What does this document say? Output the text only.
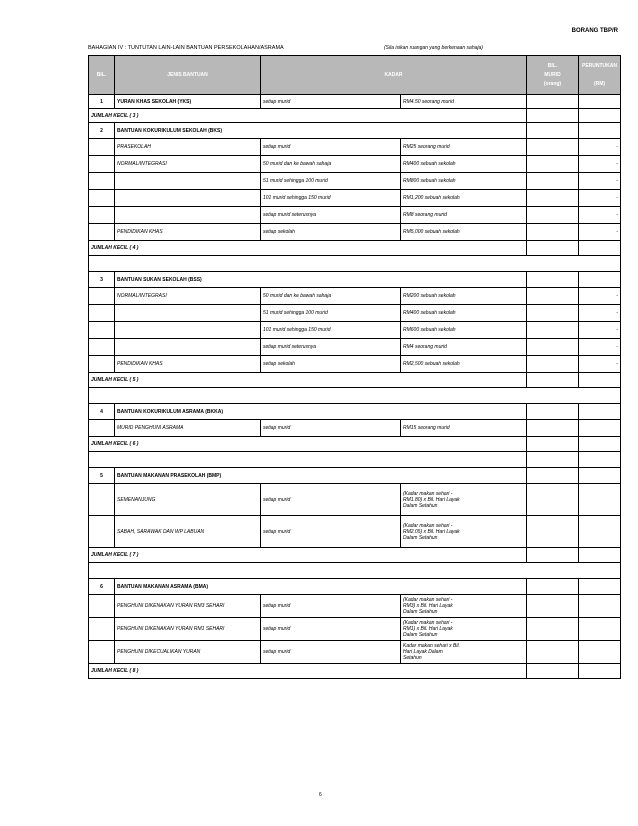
BORANG TBP/R
BAHAGIAN IV : TUNTUTAN LAIN-LAIN BANTUAN PERSEKOLAHAN/ASRAMA	(Sila isikan ruangan yang berkenaan sahaja)
BIL.	JENIS BANTUAN	KADAR		BIL.
MURID
(orang)	PERUNTUKAN

(RM)
1	YURAN KHAS SEKOLAH (YKS)	setiap murid	RM4.50 seorang murid		
JUMLAH KECIL ( 3 )					
2	BANTUAN KOKURIKULUM SEKOLAH (BKS)				
	PRASEKOLAH	setiap murid	RM25 seorang murid		-
	NORMAL/INTEGRASI	50 murid dan ke bawah sahaja	RM400 sebuah sekolah		-
		51 murid sehingga 100 murid	RM800 sebuah sekolah		-
		101 murid sehingga 150 murid	RM1,200 sebuah sekolah		-
		setiap murid seterusnya	RM8 seorang murid		-
	PENDIDIKAN KHAS	setiap sekolah	RM5,000 sebuah sekolah		-
JUMLAH KECIL ( 4 )					

3	BANTUAN SUKAN SEKOLAH (BSS)				
	NORMAL/INTEGRASI	50 murid dan ke bawah sahaja	RM200 sebuah sekolah		-
		51 murid sehingga 100 murid	RM400 sebuah sekolah		-
		101 murid sehingga 150 murid	RM600 sebuah sekolah		-
		setiap murid seterusnya	RM4 seorang murid		-
	PENDIDIKAN KHAS	setiap sekolah	RM2,500 sebuah sekolah		-
JUMLAH KECIL ( 5 )					

4	BANTUAN KOKURIKULUM ASRAMA (BKKA)				
	MURID PENGHUNI ASRAMA	setiap murid	RM15 seorang murid		
JUMLAH KECIL ( 6 )					

5	BANTUAN MAKANAN PRASEKOLAH (BMP)				
	SEMENANJUNG	setiap murid	(Kadar makan sehari -
RM1.80) x Bil. Hari Layak
Dalam Setahun		
	SABAH, SARAWAK DAN WP LABUAN	setiap murid	(Kadar makan sehari -
RM2.05) x Bil. Hari Layak
Dalam Setahun		
JUMLAH KECIL ( 7 )					

6	BANTUAN MAKANAN ASRAMA (BMA)				
	PENGHUNI DIKENAKAN YURAN RM3 SEHARI	setiap murid	(Kadar makan sehari -
RM3) x Bil. Hari Layak
Dalam Setahun		
	PENGHUNI DIKENAKAN YURAN RM1 SEHARI	setiap murid	(Kadar makan sehari -
RM1) x Bil. Hari Layak
Dalam Setahun		
	PENGHUNI DIKECUALIKAN YURAN	setiap murid	Kadar makan sehari x Bil.
Hari Layak Dalam
Setahun		
JUMLAH KECIL ( 8 )					
6
